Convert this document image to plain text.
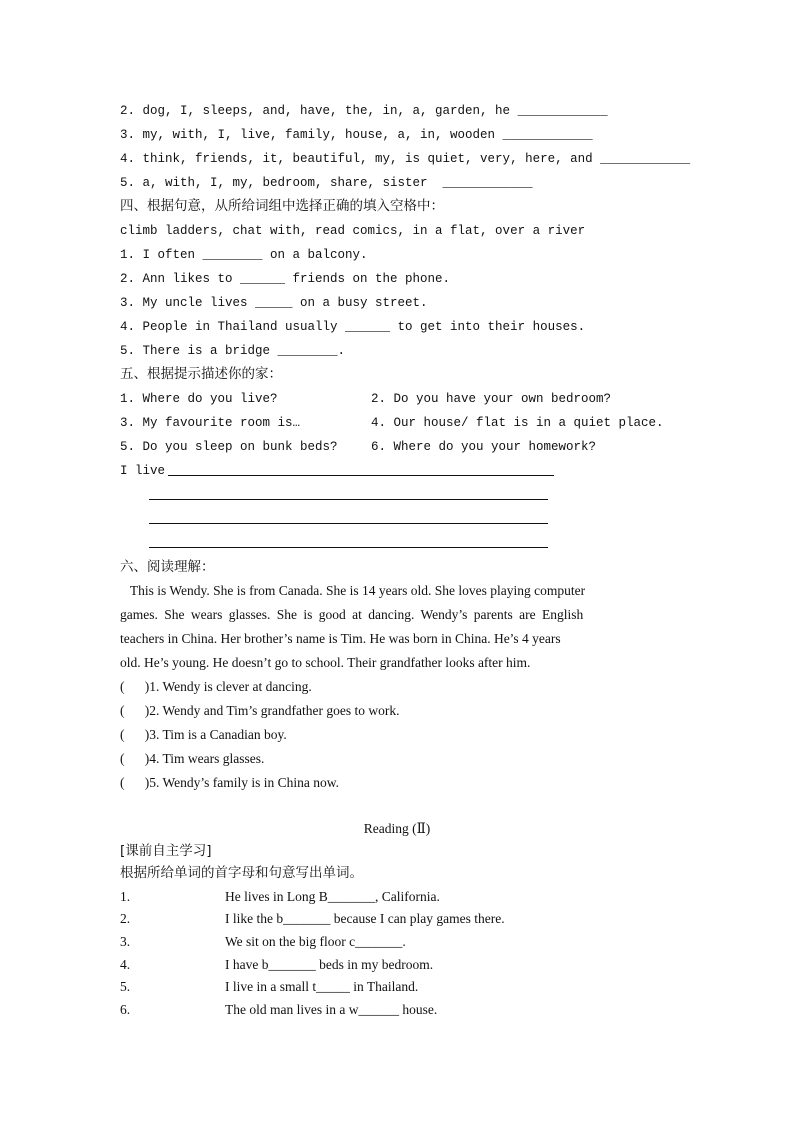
2. dog, I, sleeps, and, have, the, in, a, garden, he ____________
3. my, with, I, live, family, house, a, in, wooden ____________
4. think, friends, it, beautiful, my, is quiet, very, here, and ____________
5. a, with, I, my, bedroom, share, sister  ____________
四、根据句意，从所给词组中选择正确的填入空格中：
climb ladders, chat with, read comics, in a flat, over a river
1. I often ________ on a balcony.
2. Ann likes to ______ friends on the phone.
3. My uncle lives _____ on a busy street.
4. People in Thailand usually ______ to get into their houses.
5. There is a bridge ________.
五、根据提示描述你的家：
1. Where do you live?	2. Do you have your own bedroom?
3. My favourite room is…	4. Our house/ flat is in a quiet place.
5. Do you sleep on bunk beds?	6. Where do you your homework?
I live
六、阅读理解：
This is Wendy. She is from Canada. She is 14 years old. She loves playing computer
games. She wears glasses. She is good at dancing. Wendy’s parents are English
teachers in China. Her brother’s name is Tim. He was born in China. He’s 4 years
old. He’s young. He doesn’t go to school. Their grandfather looks after him.
(      )1. Wendy is clever at dancing.
(      )2. Wendy and Tim’s grandfather goes to work.
(      )3. Tim is a Canadian boy.
(      )4. Tim wears glasses.
(      )5. Wendy’s family is in China now.
Reading (Ⅱ)
[课前自主学习]
根据所给单词的首字母和句意写出单词。
1.	He lives in Long B_______, California.
2.	I like the b_______ because I can play games there.
3.	We sit on the big floor c_______.
4.	I have b_______ beds in my bedroom.
5.	I live in a small t_____ in Thailand.
6.	The old man lives in a w______ house.
